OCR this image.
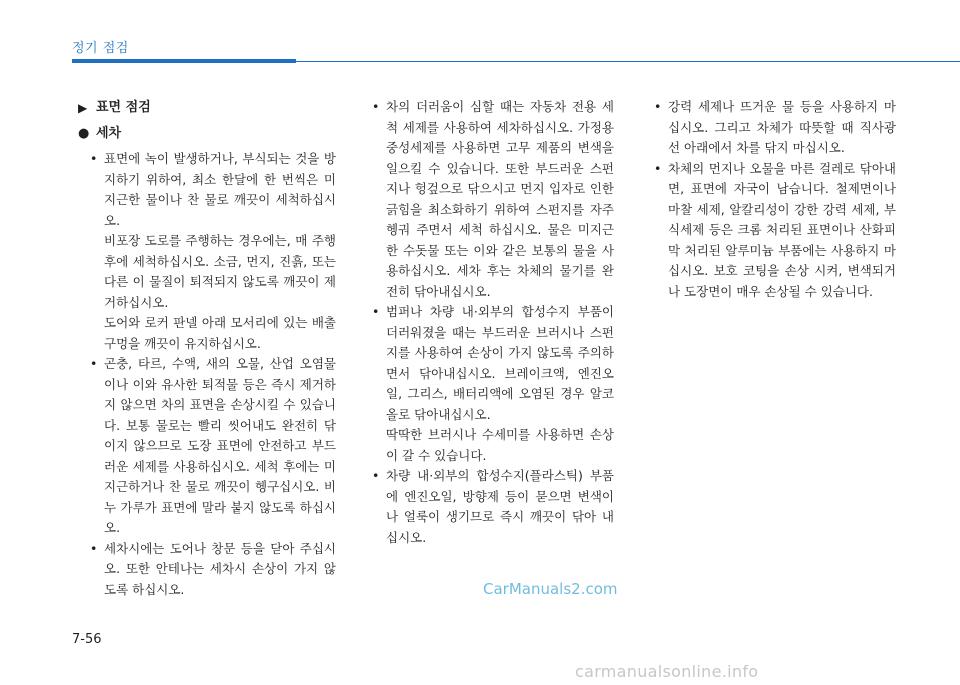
정기 점검
▶ 표면 점검
● 세차
• 표면에 녹이 발생하거나, 부식되는 것을 방지하기 위하여, 최소 한달에 한 번씩은 미지근한 물이나 찬 물로 깨끗이 세척하십시오.

비포장 도로를 주행하는 경우에는, 매 주행 후에 세척하십시오. 소금, 먼지, 진흙, 또는 다른 이 물질이 퇴적되지 않도록 깨끗이 제거하십시오.

도어와 로커 판넬 아래 모서리에 있는 배출 구멍을 깨끗이 유지하십시오.

• 곤충, 타르, 수액, 새의 오물, 산업 오염물이나 이와 유사한 퇴적물 등은 즉시 제거하지 않으면 차의 표면을 손상시킬 수 있습니다. 보통 물로는 빨리 씻어내도 완전히 닦이지 않으므로 도장 표면에 안전하고 부드러운 세제를 사용하십시오. 세척 후에는 미지근하거나 찬 물로 깨끗이 헹구십시오. 비누 가루가 표면에 말라 붙지 않도록 하십시오.

• 세차시에는 도어나 창문 등을 닫아 주십시오. 또한 안테나는 세차시 손상이 가지 않도록 하십시오.

• 차의 더러움이 심할 때는 자동차 전용 세척 세제를 사용하여 세차하십시오. 가정용 중성세제를 사용하면 고무 제품의 변색을 일으킬 수 있습니다. 또한 부드러운 스펀지나 헝겊으로 닦으시고 먼지 입자로 인한 긁힘을 최소화하기 위하여 스펀지를 자주 헹궈 주면서 세척 하십시오. 물은 미지근한 수돗물 또는 이와 같은 보통의 물을 사용하십시오. 세차 후는 차체의 물기를 완전히 닦아내십시오.

• 범퍼나 차량 내·외부의 합성수지 부품이 더러워졌을 때는 부드러운 브러시나 스펀지를 사용하여 손상이 가지 않도록 주의하면서 닦아내십시오. 브레이크액, 엔진오일, 그리스, 배터리액에 오염된 경우 알코올로 닦아내십시오.

딱딱한 브러시나 수세미를 사용하면 손상이 갈 수 있습니다.

• 차량 내·외부의 합성수지(플라스틱) 부품에 엔진오일, 방향제 등이 묻으면 변색이나 얼룩이 생기므로 즉시 깨끗이 닦아 내십시오.

• 강력 세제나 뜨거운 물 등을 사용하지 마십시오. 그리고 차체가 따뜻할 때 직사광선 아래에서 차를 닦지 마십시오.

• 차체의 먼지나 오물을 마른 걸레로 닦아내면, 표면에 자국이 남습니다. 철제면이나 마찰 세제, 알칼리성이 강한 강력 세제, 부식세제 등은 크롬 처리된 표면이나 산화피막 처리된 알루미늄 부품에는 사용하지 마십시오. 보호 코팅을 손상 시켜, 변색되거나 도장면이 매우 손상될 수 있습니다.

CarManuals2.com
7-56
carmanualsonline.info
